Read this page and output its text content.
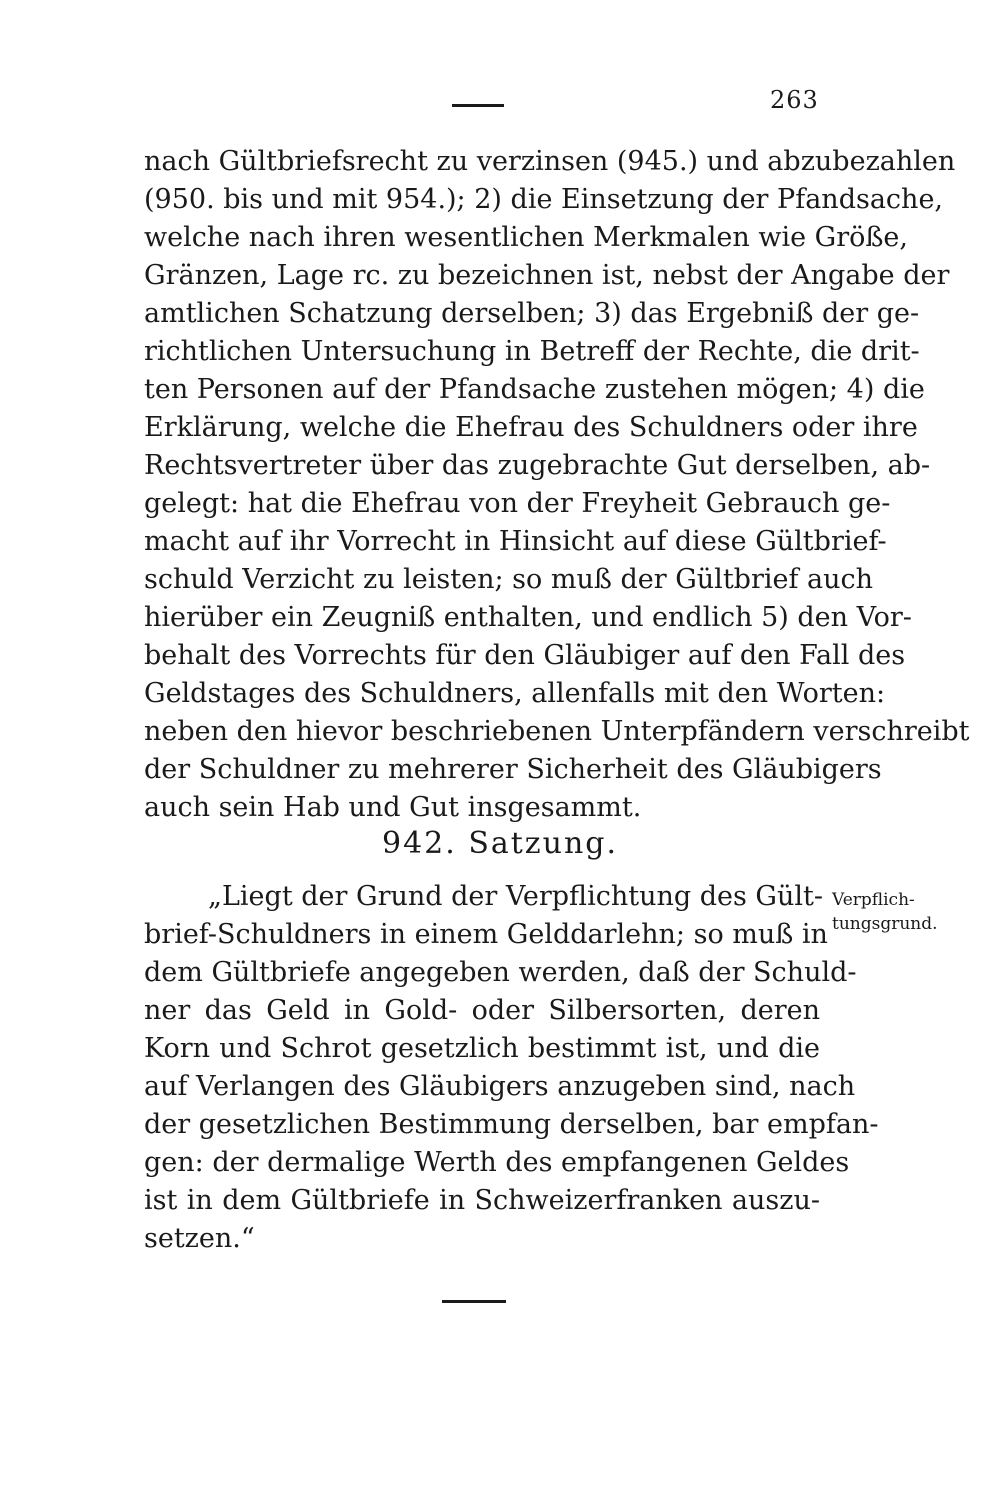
263
nach Gültbriefsrecht zu verzinsen (945.) und abzubezahlen
(950. bis und mit 954.); 2) die Einsetzung der Pfandsache,
welche nach ihren wesentlichen Merkmalen wie Größe,
Gränzen, Lage rc. zu bezeichnen ist, nebst der Angabe der
amtlichen Schatzung derselben; 3) das Ergebniß der ge-
richtlichen Untersuchung in Betreff der Rechte, die drit-
ten Personen auf der Pfandsache zustehen mögen; 4) die
Erklärung, welche die Ehefrau des Schuldners oder ihre
Rechtsvertreter über das zugebrachte Gut derselben, ab-
gelegt: hat die Ehefrau von der Freyheit Gebrauch ge-
macht auf ihr Vorrecht in Hinsicht auf diese Gültbrief-
schuld Verzicht zu leisten; so muß der Gültbrief auch
hierüber ein Zeugniß enthalten, und endlich 5) den Vor-
behalt des Vorrechts für den Gläubiger auf den Fall des
Geldstages des Schuldners, allenfalls mit den Worten:
neben den hievor beschriebenen Unterpfändern verschreibt
der Schuldner zu mehrerer Sicherheit des Gläubigers
auch sein Hab und Gut insgesammt.
942. Satzung.
„Liegt der Grund der Verpflichtung des Gült-
brief-Schuldners in einem Gelddarlehn; so muß in
dem Gültbriefe angegeben werden, daß der Schuld-
ner das Geld in Gold- oder Silbersorten, deren
Korn und Schrot gesetzlich bestimmt ist, und die
auf Verlangen des Gläubigers anzugeben sind, nach
der gesetzlichen Bestimmung derselben, bar empfan-
gen: der dermalige Werth des empfangenen Geldes
ist in dem Gültbriefe in Schweizerfranken auszu-
setzen.“
Verpflich-
tungsgrund.
